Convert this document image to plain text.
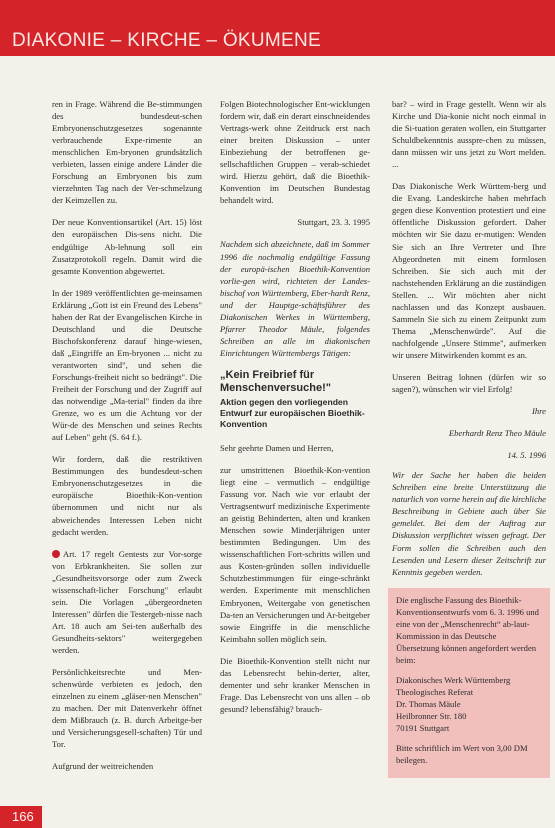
DIAKONIE – KIRCHE – ÖKUMENE

ren in Frage. Während die Be-stimmungen des bundesdeut-schen Embryonenschutzgesetzes sogenannte verbrauchende Expe-rimente an menschlichen Em-bryonen grundsätzlich verbieten, lassen einige andere Länder die Forschung an Embryonen bis zum vierzehnten Tag nach der Ver-schmelzung der Keimzellen zu.

Der neue Konventionsartikel (Art. 15) löst den europäischen Dis-sens nicht. Die endgültige Ab-lehnung soll ein Zusatzprotokoll regeln. Damit wird die gesamte Konvention abgewertet.

In der 1989 veröffentlichten ge-meinsamen Erklärung „Gott ist ein Freund des Lebens" haben der Rat der Evangelischen Kirche in Deutschland und die Deutsche Bischofskonferenz darauf hinge-wiesen, daß „Eingriffe an Em-bryonen ... nicht zu verantworten sind", und sehen die Forschungs-freiheit nicht so bedrängt". Die Freiheit der Forschung und der Zugriff auf das notwendige „Ma-terial" finden da ihre Grenze, wo es um die Achtung vor der Wür-de des Menschen und seines Rechts auf Leben" geht (S. 64 f.).

Wir fordern, daß die restriktiven Bestimmungen des bundesdeut-schen Embryonenschutzgesetzes in die europäische Bioethik-Kon-vention übernommen und nicht nur als abweichendes Interessen Leben nicht gedacht werden.

Art. 17 regelt Gentests zur Vor-sorge von Erbkrankheiten. Sie sollen zur „Gesundheitsvorsorge oder zum Zweck wissenschaft-licher Forschung" erlaubt sein. Die Vorlagen „übergeordneten Interessen" dürfen die Testergeb-nisse nach Art. 18 auch am Sei-ten außerhalb des Gesundheits-sektors" weitergegeben werden.

Persönlichkeitsrechte und Men-schenwürde verbieten es jedoch, den einzelnen zu einem „gläser-nen Menschen" zu machen. Der mit Datenverkehr öffnet dem Mißbrauch (z. B. durch Arbeitge-ber und Versicherungsgesell-schaften) Tür und Tor.

Aufgrund der weitreichenden

Folgen Biotechnologischer Ent-wicklungen fordern wir, daß ein derart einschneidendes Vertrags-werk ohne Zeitdruck erst nach einer breiten Diskussion – unter Einbeziehung der betroffenen ge-sellschaftlichen Gruppen – verab-schiedet wird. Hierzu gehört, daß die Bioethik-Konvention im Deutschen Bundestag behandelt wird.

Stuttgart, 23. 3. 1995

Nachdem sich abzeichnete, daß im Sommer 1996 die nochmalig endgültige Fassung der europä-ischen Bioethik-Konvention vorlie-gen wird, richteten der Landes-bischof von Württemberg, Eber-hardt Renz, und der Hauptge-schäftsführer des Diakonischen Werkes in Württemberg, Pfarrer Theodor Mäule, folgendes Schreiben an alle im diakonischen Einrichtungen Württembergs Tätigen:

„Kein Freibrief für Menschenversuche!"
Aktion gegen den vorliegenden Entwurf zur europäischen Bioethik-Konvention

Sehr geehrte Damen und Herren,

zur umstrittenen Bioethik-Kon-vention liegt eine – vermutlich – endgültige Fassung vor. Nach wie vor erlaubt der Vertragsentwurf medizinische Experimente an geistig Behinderten, alten und kranken Menschen sowie Minderjährigen unter bestimmten Bedingungen. Um des wissenschaftlichen Fort-schritts willen und aus Kosten-gründen sollen individuelle Schutzbestimmungen für einge-schränkt werden. Experimente mit menschlichen Embryonen, Weitergabe von genetischen Da-ten an Versicherungen und Ar-beitgeber sowie Eingriffe in die menschliche Keimbahn sollen möglich sein.

Die Bioethik-Konvention stellt nicht nur das Lebensrecht behin-derter, alter, dementer und sehr kranker Menschen in Frage. Das Lebensrecht von uns allen – ob gesund? lebensfähig? brauch-

bar? – wird in Frage gestellt. Wenn wir als Kirche und Dia-konie nicht noch einmal in die Si-tuation geraten wollen, ein Stuttgarter Schuldbekenntnis ausspre-chen zu müssen, dann müssen wir uns jetzt zu Wort melden. ...

Das Diakonische Werk Württem-berg und die Evang. Landeskirche haben mehrfach gegen diese Konvention protestiert und eine öffentliche Diskussion gefordert. Daher möchten wir Sie dazu er-mutigen: Wenden Sie sich an Ihre Vertreter und Ihre Abgeordneten mit einem formlosen Schreiben. Sie sich auch mit der nachstehenden Erklärung an die zuständigen Stellen. ... Wir möchten aber nicht nachlassen und das Konzept ausbauen. Sammeln Sie sich zu einem Zeitpunkt zum Thema „Menschenwürde". Auf die nachfolgende „Unsere Stimme", aufmerken wir unsere Mitwirkenden kommt es an.

Unseren Beitrag lohnen (dürfen wir so sagen?), wünschen wir viel Erfolg!

Ihre

Eberhardt Renz Theo Mäule

14. 5. 1996

Wir der Sache her haben die beiden Schreiben eine breite Unterstützung die naturlich von vorne herein auf die kirchliche Beschreibung in Gebiete auch über Sie gemeldet. Bei dem der Auftrag zur Diskussion verpflichtet wissen gefragt. Der Form sollen die Schreiben auch den Lesenden und Lesern dieser Zeitschrift zur Kenntnis gegeben werden.

Die englische Fassung des Bioethik-Konventionsentwurfs vom 6. 3. 1996 und eine von der „Menschenrecht“ ab-laut-Kommission in das Deutsche Übersetzung können angefordert werden beim:

Diakonisches Werk Württemberg
Theologisches Referat
Dr. Thomas Mäule
Heilbronner Str. 180
70191 Stuttgart

Bitte schriftlich im Wert von 3,00 DM beilegen.

166
